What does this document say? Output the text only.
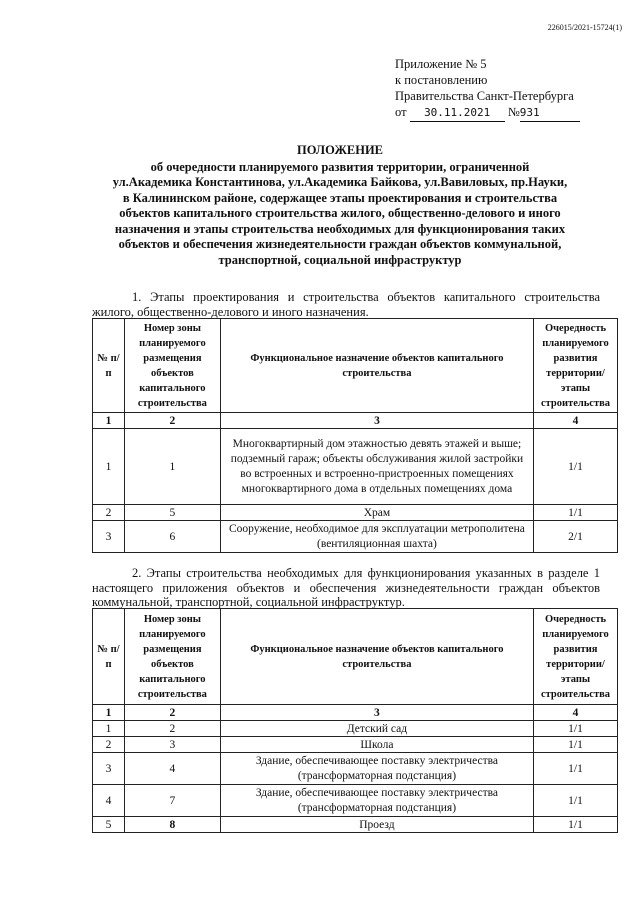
226015/2021-15724(1)
Приложение № 5
к постановлению
Правительства Санкт-Петербурга
от 30.11.2021 №931
ПОЛОЖЕНИЕ
об очередности планируемого развития территории, ограниченной
ул.Академика Константинова, ул.Академика Байкова, ул.Вавиловых, пр.Науки,
в Калининском районе, содержащее этапы проектирования и строительства
объектов капитального строительства жилого, общественно-делового и иного
назначения и этапы строительства необходимых для функционирования таких
объектов и обеспечения жизнедеятельности граждан объектов коммунальной,
транспортной, социальной инфраструктур
1. Этапы проектирования и строительства объектов капитального строительства жилого, общественно-делового и иного назначения.
№ п/п	Номер зоны планируемого размещения объектов капитального строительства	Функциональное назначение объектов капитального строительства	Очередность планируемого развития территории/ этапы строительства
1	2	3	4
1	1	Многоквартирный дом этажностью девять этажей и выше; подземный гараж; объекты обслуживания жилой застройки во встроенных и встроенно-пристроенных помещениях многоквартирного дома в отдельных помещениях дома	1/1
2	5	Храм	1/1
3	6	Сооружение, необходимое для эксплуатации метрополитена (вентиляционная шахта)	2/1
2. Этапы строительства необходимых для функционирования указанных в разделе 1 настоящего приложения объектов и обеспечения жизнедеятельности граждан объектов коммунальной, транспортной, социальной инфраструктур.
№ п/п	Номер зоны планируемого размещения объектов капитального строительства	Функциональное назначение объектов капитального строительства	Очередность планируемого развития территории/ этапы строительства
1	2	3	4
1	2	Детский сад	1/1
2	3	Школа	1/1
3	4	Здание, обеспечивающее поставку электричества (трансформаторная подстанция)	1/1
4	7	Здание, обеспечивающее поставку электричества (трансформаторная подстанция)	1/1
5	8	Проезд	1/1
